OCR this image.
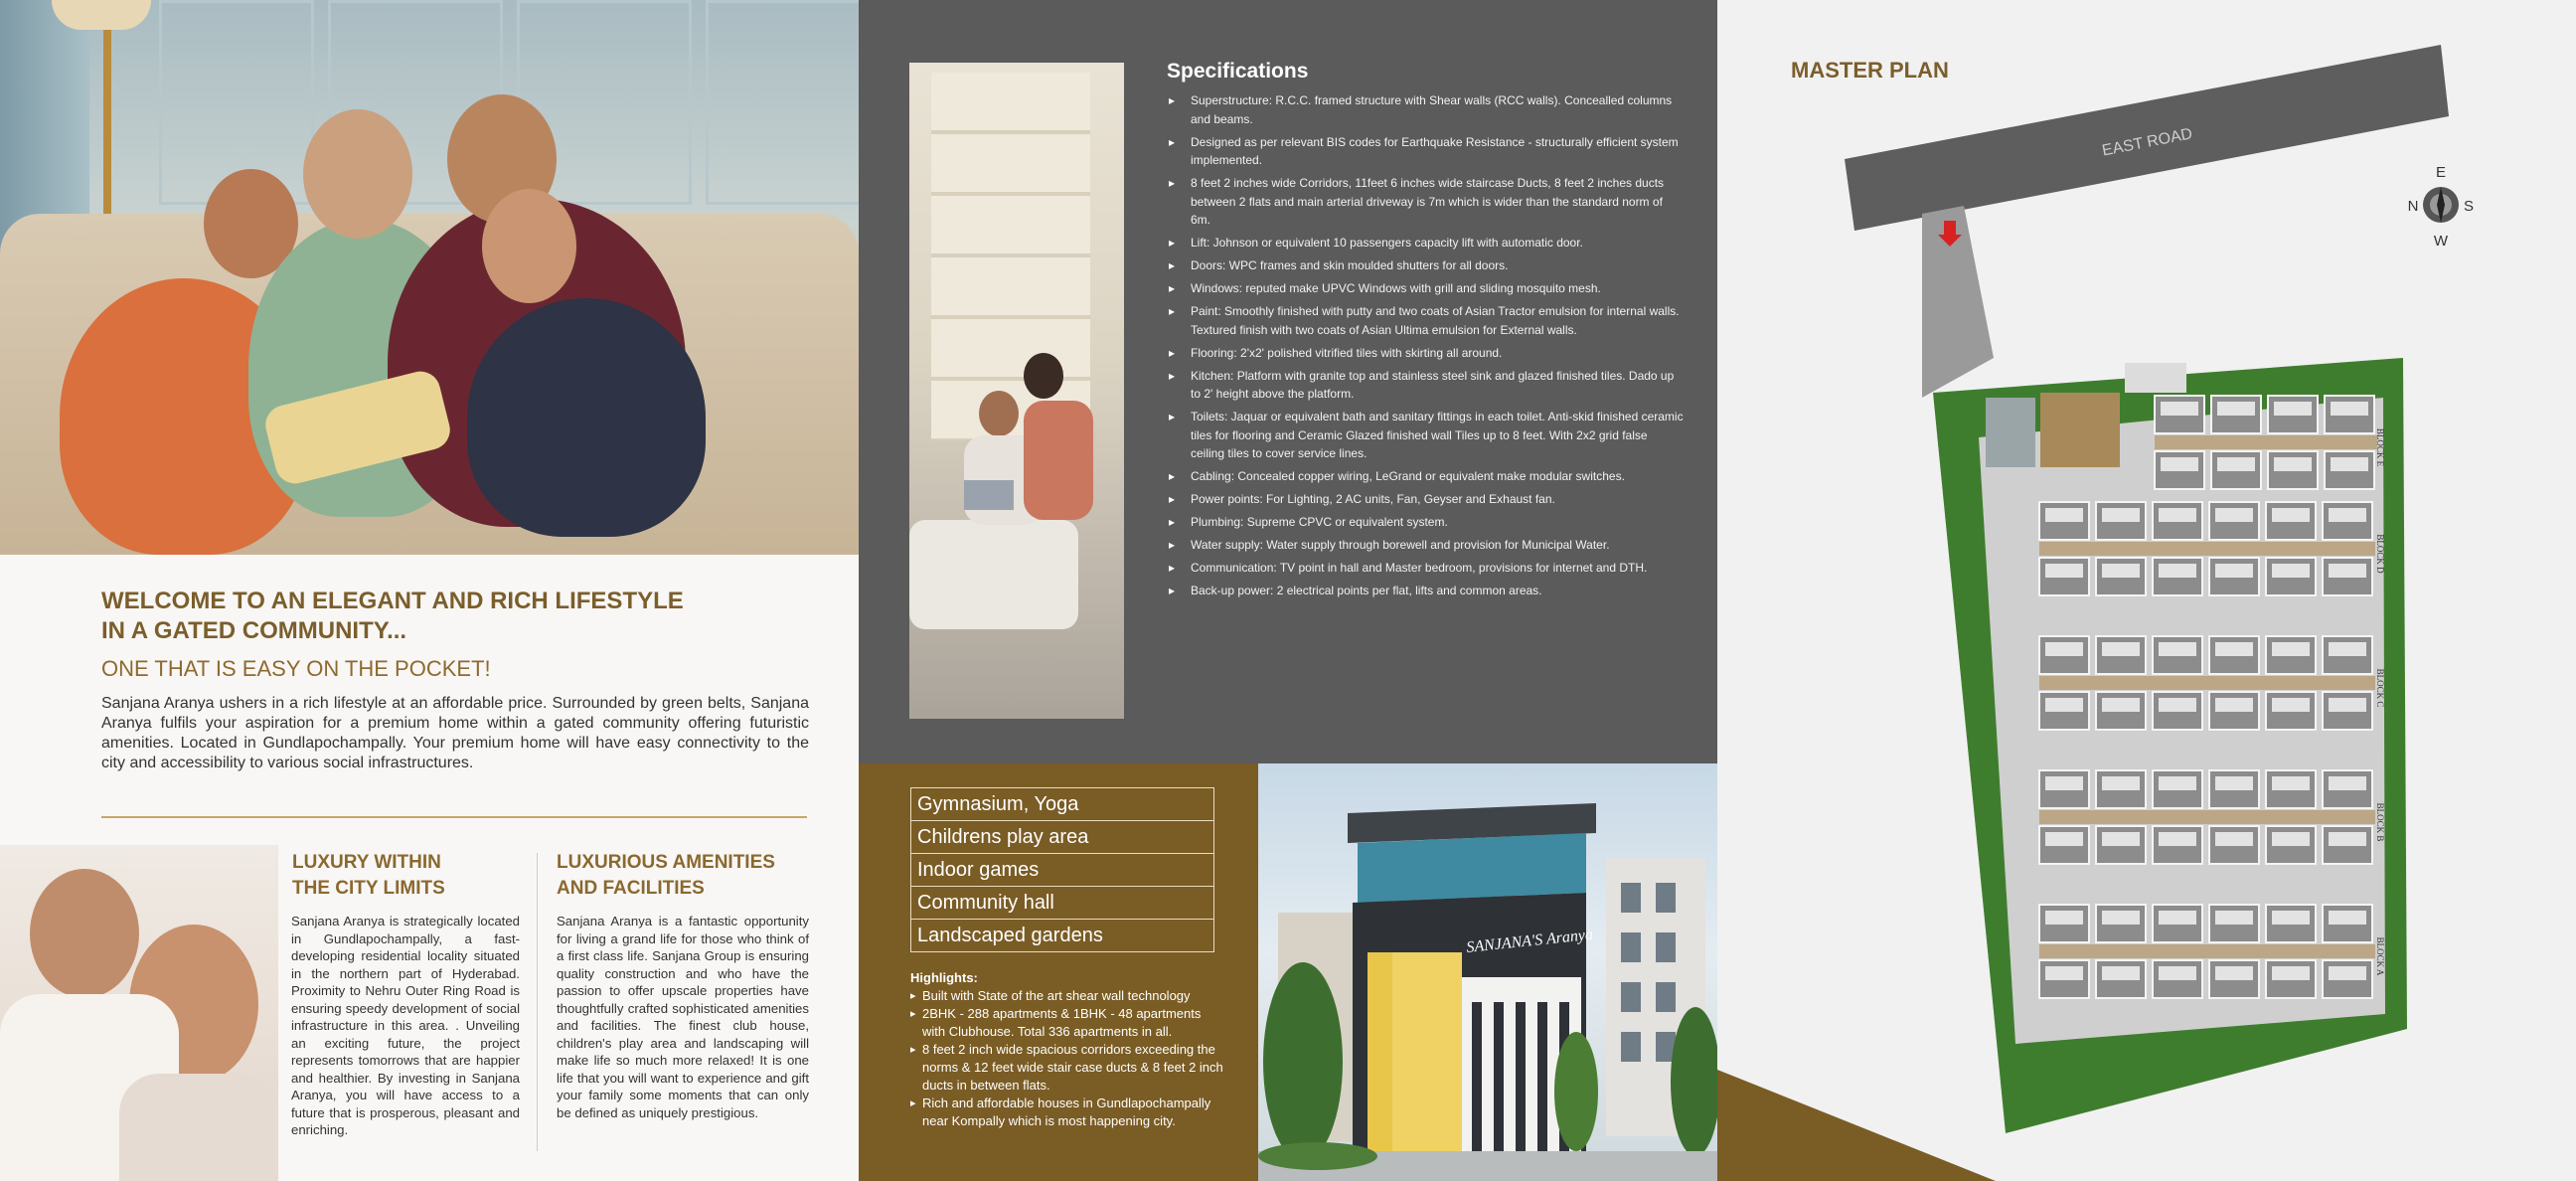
WELCOME TO AN ELEGANT AND RICH LIFESTYLE
IN A GATED COMMUNITY...
ONE THAT IS EASY ON THE POCKET!
Sanjana Aranya ushers in a rich lifestyle at an affordable price. Surrounded by green belts, Sanjana Aranya fulfils your aspiration for a premium home within a gated community offering futuristic amenities. Located in Gundlapochampally. Your premium home will have easy connectivity to the city and accessibility to various social infrastructures.
LUXURY WITHIN
THE CITY LIMITS
Sanjana Aranya is strategically located in Gundlapochampally, a fast-developing residential locality situated in the northern part of Hyderabad. Proximity to Nehru Outer Ring Road is ensuring speedy development of social infrastructure in this area. . Unveiling an exciting future, the project represents tomorrows that are happier and healthier. By investing in Sanjana Aranya, you will have access to a future that is prosperous, pleasant and enriching.
LUXURIOUS AMENITIES
AND FACILITIES
Sanjana Aranya is a fantastic opportunity for living a grand life for those who think of a first class life. Sanjana Group is ensuring quality construction and who have the passion to offer upscale properties have thoughtfully crafted sophisticated amenities and facilities. The finest club house, children's play area and landscaping will make life so much more relaxed! It is one life that you will want to experience and gift your family some moments that can only be defined as uniquely prestigious.
Specifications
▸ Superstructure: R.C.C. framed structure with Shear walls (RCC walls). Concealled columns and beams.
▸ Designed as per relevant BIS codes for Earthquake Resistance - structurally efficient system implemented.
▸ 8 feet 2 inches wide Corridors, 11feet 6 inches wide staircase Ducts, 8 feet 2 inches ducts between 2 flats and main arterial driveway is 7m which is wider than the standard norm of 6m.
▸ Lift: Johnson or equivalent 10 passengers capacity lift with automatic door.
▸ Doors: WPC frames and skin moulded shutters for all doors.
▸ Windows: reputed make UPVC Windows with grill and sliding mosquito mesh.
▸ Paint: Smoothly finished with putty and two coats of Asian Tractor emulsion for internal walls. Textured finish with two coats of Asian Ultima emulsion for External walls.
▸ Flooring: 2'x2' polished vitrified tiles with skirting all around.
▸ Kitchen: Platform with granite top and stainless steel sink and glazed finished tiles. Dado up to 2' height above the platform.
▸ Toilets: Jaquar or equivalent bath and sanitary fittings in each toilet. Anti-skid finished ceramic tiles for flooring and Ceramic Glazed finished wall Tiles up to 8 feet. With 2x2 grid false ceiling tiles to cover service lines.
▸ Cabling: Concealed copper wiring, LeGrand or equivalent make modular switches.
▸ Power points: For Lighting, 2 AC units, Fan, Geyser and Exhaust fan.
▸ Plumbing: Supreme CPVC or equivalent system.
▸ Water supply: Water supply through borewell and provision for Municipal Water.
▸ Communication: TV point in hall and Master bedroom, provisions for internet and DTH.
▸ Back-up power: 2 electrical points per flat, lifts and common areas.
Gymnasium, Yoga
Childrens play area
Indoor games
Community hall
Landscaped gardens
Highlights:
▸ Built with State of the art shear wall technology
▸ 2BHK - 288 apartments & 1BHK - 48 apartments with Clubhouse. Total 336 apartments in all.
▸ 8 feet 2 inch wide spacious corridors exceeding the norms & 12 feet wide stair case ducts & 8 feet 2 inch ducts in between flats.
▸ Rich and affordable houses in Gundlapochampally near Kompally which is most happening city.
SANJANA'S Aranya
MASTER PLAN
EAST ROAD
BLOCK E
BLOCK D
BLOCK C
BLOCK B
BLOCK A
E
W
N	S
